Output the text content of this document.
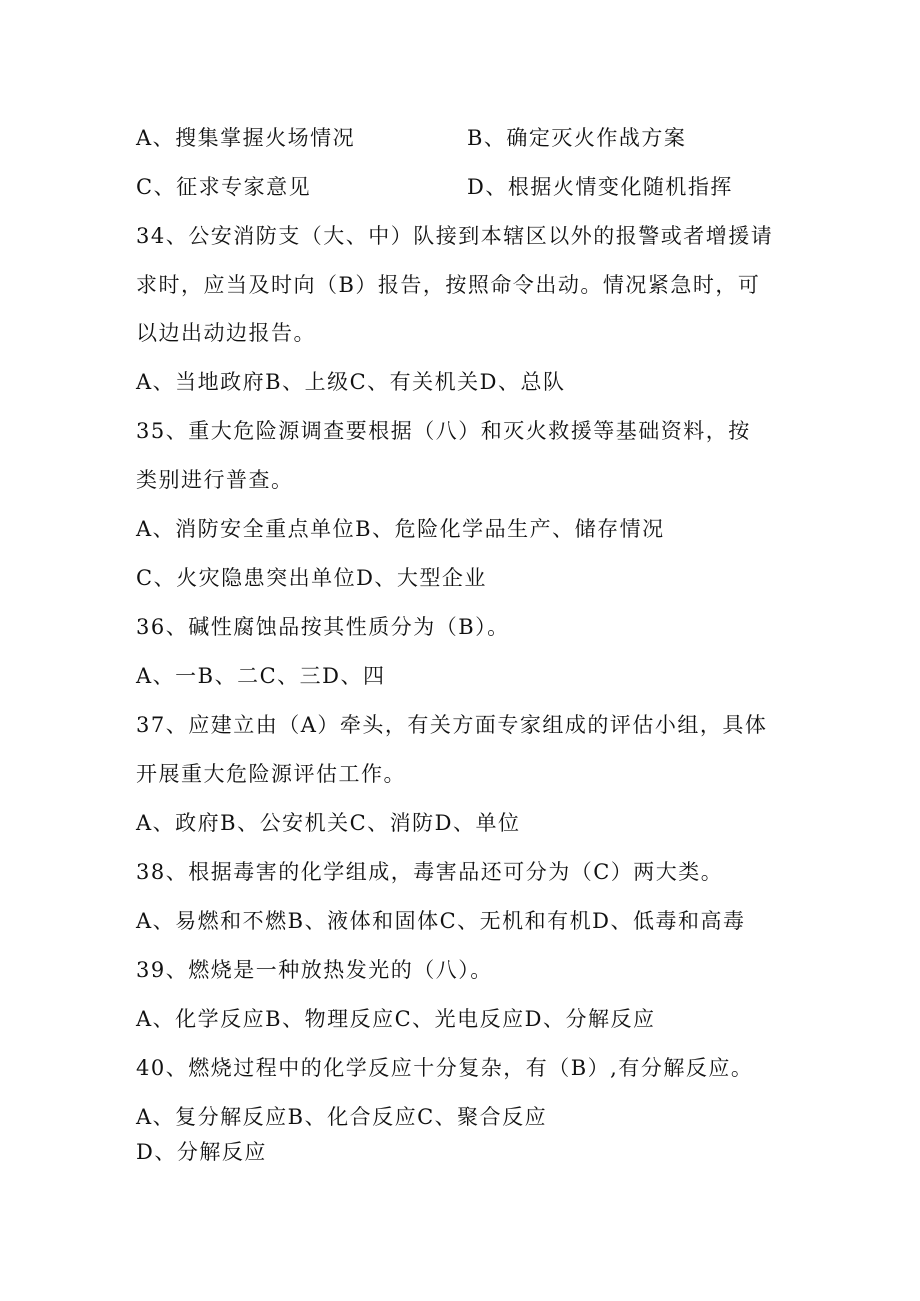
A、搜集掌握火场情况	B、确定灭火作战方案
C、征求专家意见	D、根据火情变化随机指挥
34、公安消防支（大、中）队接到本辖区以外的报警或者增援请
求时，应当及时向（B）报告，按照命令出动。情况紧急时，可
以边出动边报告。
A、当地政府B、上级C、有关机关D、总队
35、重大危险源调查要根据（八）和灭火救援等基础资料，按
类别进行普查。
A、消防安全重点单位B、危险化学品生产、储存情况
C、火灾隐患突出单位D、大型企业
36、碱性腐蚀品按其性质分为（B）。
A、一B、二C、三D、四
37、应建立由（A）牵头，有关方面专家组成的评估小组，具体
开展重大危险源评估工作。
A、政府B、公安机关C、消防D、单位
38、根据毒害的化学组成，毒害品还可分为（C）两大类。
A、易燃和不燃B、液体和固体C、无机和有机D、低毒和高毒
39、燃烧是一种放热发光的（八）。
A、化学反应B、物理反应C、光电反应D、分解反应
40、燃烧过程中的化学反应十分复杂，有（B）,有分解反应。
A、复分解反应B、化合反应C、聚合反应
D、分解反应
